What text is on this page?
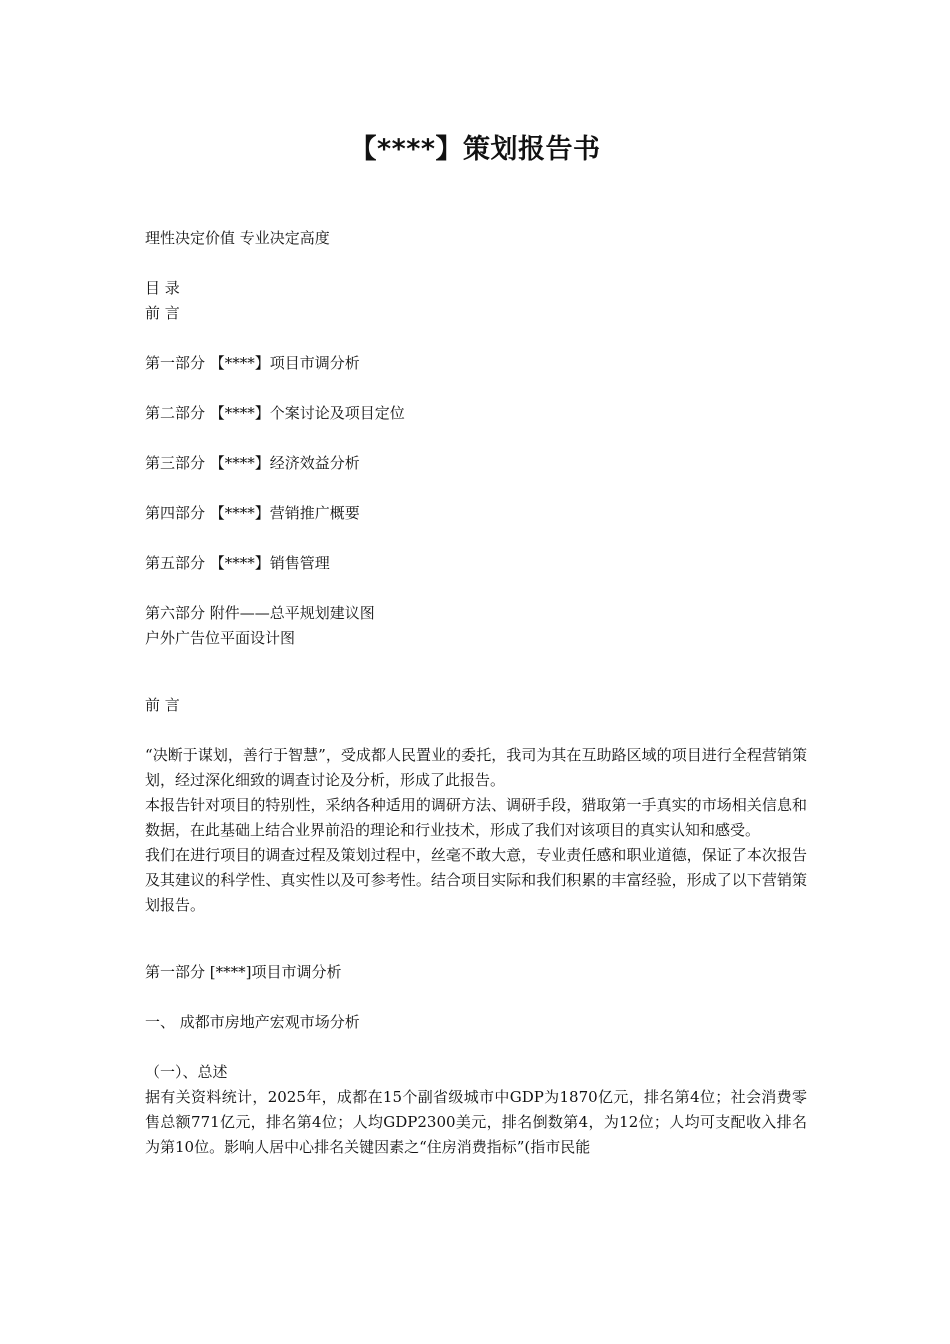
【****】策划报告书

理性决定价值 专业决定高度

目 录

前 言
第一部分 【****】项目市调分析
第二部分 【****】个案讨论及项目定位
第三部分 【****】经济效益分析
第四部分 【****】营销推广概要
第五部分 【****】销售管理
第六部分 附件——总平规划建议图
户外广告位平面设计图

前 言

“决断于谋划，善行于智慧”，受成都人民置业的委托，我司为其在互助路区域的项目进行全程营销策划，经过深化细致的调查讨论及分析，形成了此报告。

本报告针对项目的特别性，采纳各种适用的调研方法、调研手段，猎取第一手真实的市场相关信息和数据，在此基础上结合业界前沿的理论和行业技术，形成了我们对该项目的真实认知和感受。

我们在进行项目的调查过程及策划过程中，丝毫不敢大意，专业责任感和职业道德，保证了本次报告及其建议的科学性、真实性以及可参考性。结合项目实际和我们积累的丰富经验，形成了以下营销策划报告。

第一部分 [****]项目市调分析

一、 成都市房地产宏观市场分析

（一）、总述

据有关资料统计，2025年，成都在15个副省级城市中GDP为1870亿元，排名第4位；社会消费零售总额771亿元，排名第4位；人均GDP2300美元，排名倒数第4，为12位；人均可支配收入排名为第10位。影响人居中心排名关键因素之“住房消费指标”(指市民能
